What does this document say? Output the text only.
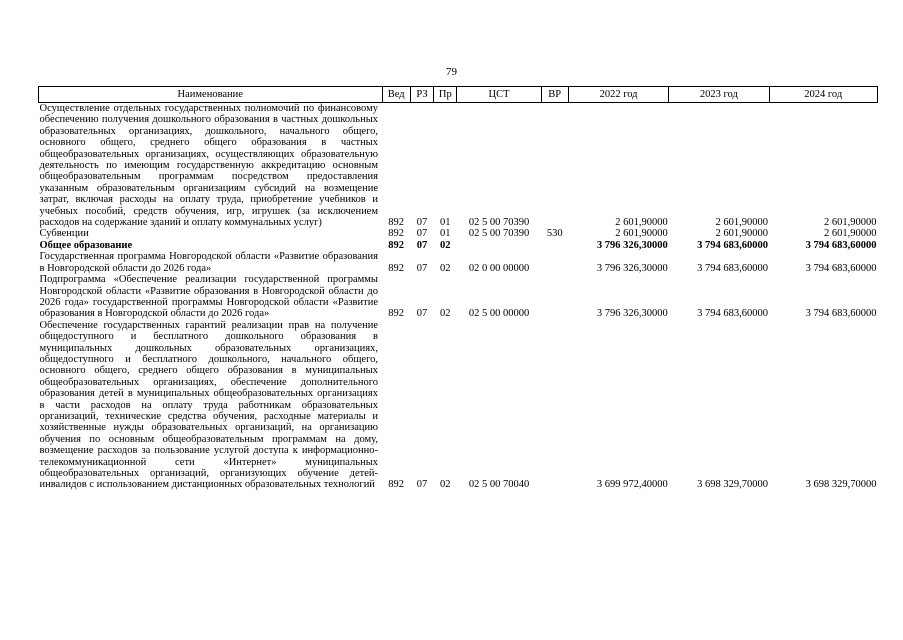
79
Наименование	Вед	РЗ	Пр	ЦСТ	ВР	2022 год	2023 год	2024 год
Осуществление отдельных государственных полномочий по финансовому обеспечению получения дошкольного образования в частных дошкольных образовательных организациях, дошкольного, начального общего, основного общего, среднего общего образования в частных общеобразовательных организациях, осуществляющих образовательную деятельность по имеющим государственную аккредитацию основным общеобразовательным программам посредством предоставления указанным образовательным организациям субсидий на возмещение затрат, включая расходы на оплату труда, приобретение учебников и учебных пособий, средств обучения, игр, игрушек (за исключением расходов на содержание зданий и оплату коммунальных услуг)	892	07	01	02 5 00 70390		2 601,90000	2 601,90000	2 601,90000
Субвенции	892	07	01	02 5 00 70390	530	2 601,90000	2 601,90000	2 601,90000
Общее образование	892	07	02			3 796 326,30000	3 794 683,60000	3 794 683,60000
Государственная программа Новгородской области «Развитие образования в Новгородской области до 2026 года»	892	07	02	02 0 00 00000		3 796 326,30000	3 794 683,60000	3 794 683,60000
Подпрограмма «Обеспечение реализации государственной программы Новгородской области «Развитие образования в Новгородской области до 2026 года» государственной программы Новгородской области «Развитие образования в Новгородской области до 2026 года»	892	07	02	02 5 00 00000		3 796 326,30000	3 794 683,60000	3 794 683,60000
Обеспечение государственных гарантий реализации прав на получение общедоступного и бесплатного дошкольного образования в муниципальных дошкольных образовательных организациях, общедоступного и бесплатного дошкольного, начального общего, основного общего, среднего общего образования в муниципальных общеобразовательных организациях, обеспечение дополнительного образования детей в муниципальных общеобразовательных организациях в части расходов на оплату труда работникам образовательных организаций, технические средства обучения, расходные материалы и хозяйственные нужды образовательных организаций, на организацию обучения по основным общеобразовательным программам на дому, возмещение расходов за пользование услугой доступа к информационно-телекоммуникационной сети «Интернет» муниципальных общеобразовательных организаций, организующих обучение детей-инвалидов с использованием дистанционных образовательных технологий	892	07	02	02 5 00 70040		3 699 972,40000	3 698 329,70000	3 698 329,70000
